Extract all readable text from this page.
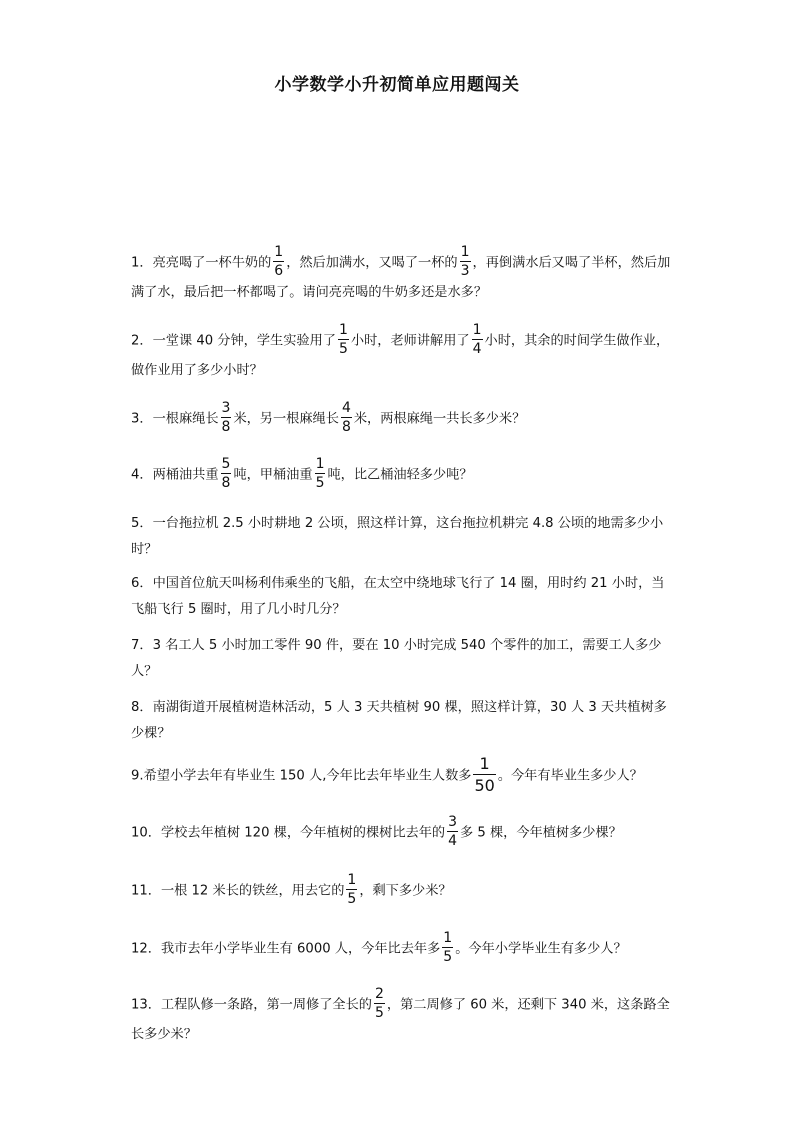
小学数学小升初简单应用题闯关

1．亮亮喝了一杯牛奶的 $\frac{1}{6}$ ，然后加满水，又喝了一杯的 $\frac{1}{3}$ ，再倒满水后又喝了半杯，然后加满了水，最后把一杯都喝了。请问亮亮喝的牛奶多还是水多？

2．一堂课 40 分钟，学生实验用了 $\frac{1}{5}$ 小时，老师讲解用了 $\frac{1}{4}$ 小时，其余的时间学生做作业，做作业用了多少小时？

3．一根麻绳长 $\frac{3}{8}$ 米，另一根麻绳长 $\frac{4}{8}$ 米，两根麻绳一共长多少米？

4．两桶油共重 $\frac{5}{8}$ 吨，甲桶油重 $\frac{1}{5}$ 吨，比乙桶油轻多少吨？

5．一台拖拉机 2.5 小时耕地 2 公顷，照这样计算，这台拖拉机耕完 4.8 公顷的地需多少小时？

6．中国首位航天叫杨利伟乘坐的飞船，在太空中绕地球飞行了 14 圈，用时约 21 小时，当飞船飞行 5 圈时，用了几小时几分？

7．3 名工人 5 小时加工零件 90 件，要在 10 小时完成 540 个零件的加工，需要工人多少人？

8．南湖街道开展植树造林活动，5 人 3 天共植树 90 棵，照这样计算，30 人 3 天共植树多少棵？

9.希望小学去年有毕业生 150 人,今年比去年毕业生人数多 $\frac{1}{50}$ 。今年有毕业生多少人？

10．学校去年植树 120 棵，今年植树的棵树比去年的 $\frac{3}{4}$ 多 5 棵，今年植树多少棵？

11．一根 12 米长的铁丝，用去它的 $\frac{1}{5}$ ，剩下多少米？

12．我市去年小学毕业生有 6000 人，今年比去年多 $\frac{1}{5}$ 。今年小学毕业生有多少人？

13．工程队修一条路，第一周修了全长的 $\frac{2}{5}$ ，第二周修了 60 米，还剩下 340 米，这条路全长多少米？
